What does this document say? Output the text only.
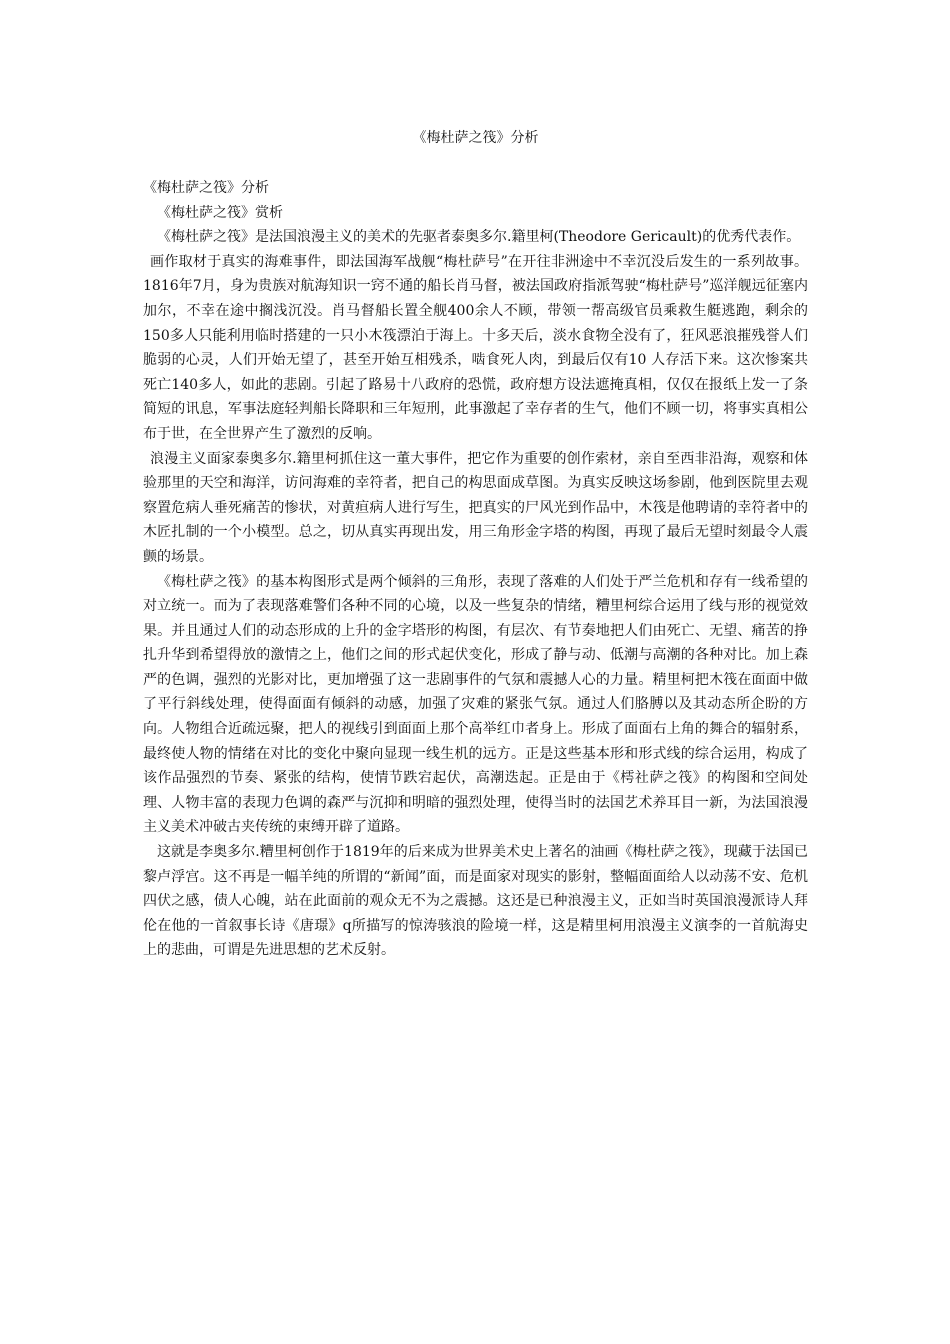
《梅杜萨之筏》分析

《梅杜萨之筏》分析

《梅杜萨之筏》赏析

《梅杜萨之筏》是法国浪漫主义的美术的先驱者泰奥多尔.籍里柯(Theodore Gericault)的优秀代表作。

画作取材于真实的海难事件，即法国海军战舰“梅杜萨号”在开往非洲途中不幸沉没后发生的一系列故事。1816年7月，身为贵族对航海知识一窍不通的船长肖马督，被法国政府指派驾驶“梅杜萨号”巡洋舰远征塞内加尔，不幸在途中搁浅沉没。肖马督船长置全舰400余人不顾，带领一帮高级官员乘救生艇逃跑，剩余的150多人只能利用临时搭建的一只小木筏漂泊于海上。十多天后，淡水食物全没有了，狂风恶浪摧残誉人们脆弱的心灵，人们开始无望了，甚至开始互相残杀，啮食死人肉，到最后仅有10 人存活下来。这次惨案共死亡140多人，如此的悲剧。引起了路易十八政府的恐慌，政府想方设法遮掩真相，仅仅在报纸上发一了条简短的讯息，军事法庭轻判船长降职和三年短刑，此事激起了幸存者的生气，他们不顾一切，将事实真相公布于世，在全世界产生了激烈的反响。

浪漫主义面家泰奥多尔.籍里柯抓住这一董大事件，把它作为重要的创作索材，亲自至西非沿海，观察和体验那里的天空和海洋，访问海难的幸符者，把自己的构思面成草图。为真实反映这场参剧，他到医院里去观察置危病人垂死痛苦的惨状，对黄疸病人进行写生，把真实的尸风光到作品中，木筏是他聘请的幸符者中的木匠扎制的一个小模型。总之，切从真实再现出发，用三角形金字塔的构图，再现了最后无望时刻最令人震颤的场景。

《梅杜萨之筏》的基本构图形式是两个倾斜的三角形，表现了落难的人们处于严兰危机和存有一线希望的对立统一。而为了表现落难警们各种不同的心境，以及一些复杂的情绪，糟里柯综合运用了线与形的视觉效果。并且通过人们的动态形成的上升的金字塔形的构图，有层次、有节奏地把人们由死亡、无望、痛苦的挣扎升华到希望得放的激情之上，他们之间的形式起伏变化，形成了静与动、低潮与高潮的各种对比。加上森严的色调，强烈的光影对比，更加增强了这一悲剧事件的气氛和震撼人心的力量。精里柯把木筏在面面中做了平行斜线处理，使得面面有倾斜的动感，加强了灾难的紧张气氛。通过人们胳膊以及其动态所企盼的方向。人物组合近疏远聚，把人的视线引到面面上那个高举红巾者身上。形成了面面右上角的舞合的辐射系，最终使人物的情绪在对比的变化中聚向显现一线生机的远方。正是这些基本形和形式线的综合运用，构成了该作品强烈的节奏、紧张的结构，使情节跌宕起伏，高潮迭起。正是由于《樗社萨之筏》的构图和空间处理、人物丰富的表现力色调的森严与沉抑和明暗的强烈处理，使得当时的法国艺术养耳目一新，为法国浪漫主义美术冲破古夹传统的束缚开辟了道路。

这就是李奥多尔.糟里柯创作于1819年的后来成为世界美术史上著名的油画《梅杜萨之筏》，现藏于法国已黎卢浮宫。这不再是一幅羊纯的所谓的“新闻”面，而是面家对现实的影射，整幅面面给人以动荡不安、危机四伏之感，债人心魄，站在此面前的观众无不为之震撼。这还是已种浪漫主义，正如当时英国浪漫派诗人拜伦在他的一首叙事长诗《唐璟》q所描写的惊涛骇浪的险境一样，这是精里柯用浪漫主义演李的一首航海史上的悲曲，可谓是先进思想的艺术反射。
